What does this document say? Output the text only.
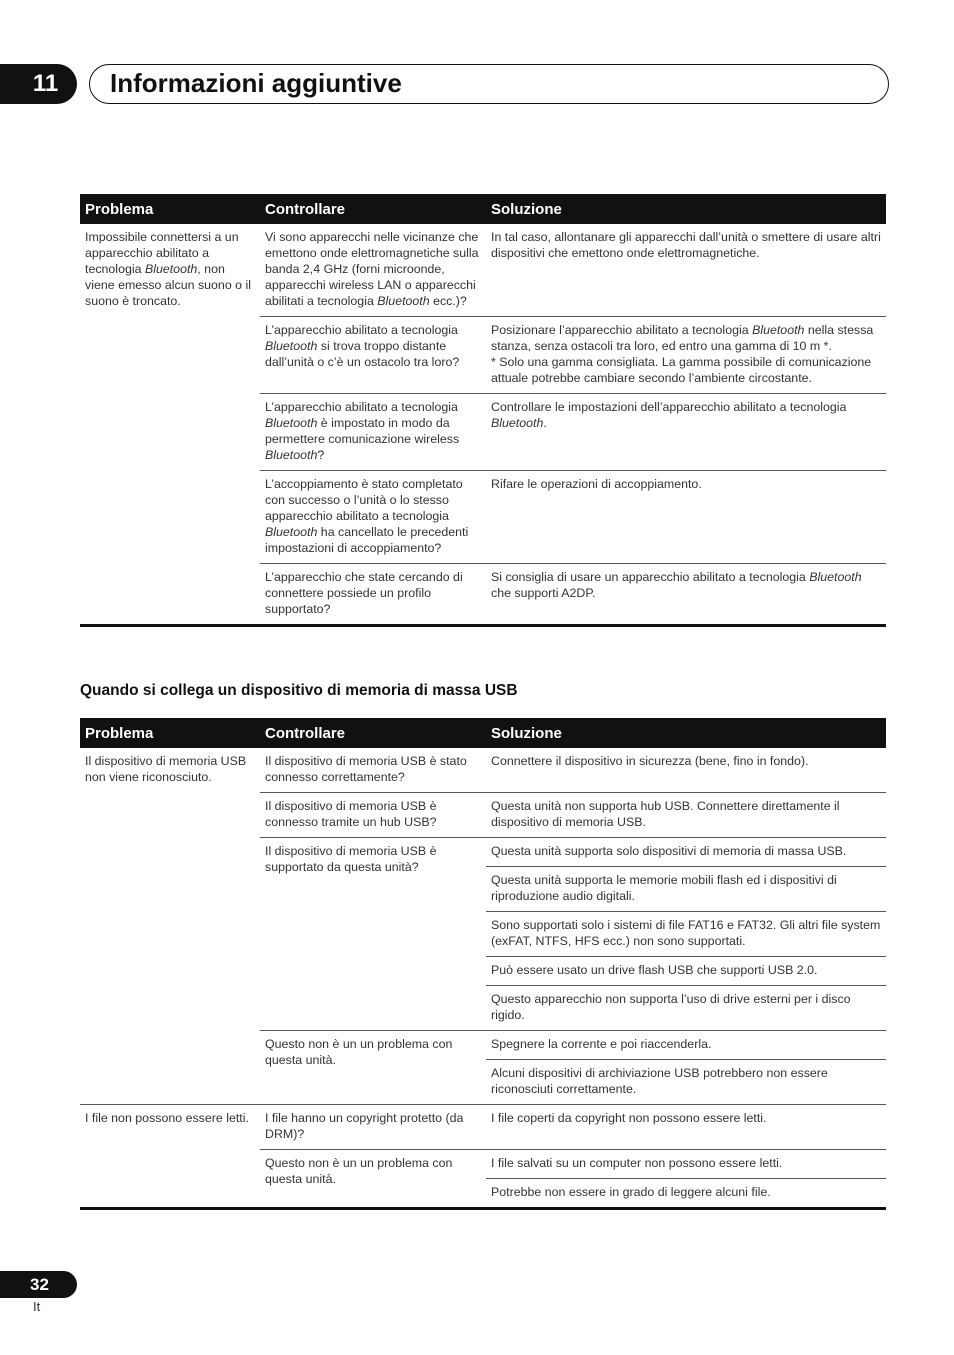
11	Informazioni aggiuntive
Problema	Controllare	Soluzione
Impossibile connettersi a un apparecchio abilitato a tecnologia Bluetooth, non viene emesso alcun suono o il suono è troncato.	Vi sono apparecchi nelle vicinanze che emettono onde elettromagnetiche sulla banda 2,4 GHz (forni microonde, apparecchi wireless LAN o apparecchi abilitati a tecnologia Bluetooth ecc.)?	In tal caso, allontanare gli apparecchi dall’unità o smettere di usare altri dispositivi che emettono onde elettromagnetiche.
	L’apparecchio abilitato a tecnologia Bluetooth si trova troppo distante dall’unità o c’è un ostacolo tra loro?	Posizionare l’apparecchio abilitato a tecnologia Bluetooth nella stessa stanza, senza ostacoli tra loro, ed entro una gamma di 10 m *.
* Solo una gamma consigliata. La gamma possibile di comunicazione attuale potrebbe cambiare secondo l’ambiente circostante.
	L’apparecchio abilitato a tecnologia Bluetooth è impostato in modo da permettere comunicazione wireless Bluetooth?	Controllare le impostazioni dell’apparecchio abilitato a tecnologia Bluetooth.
	L’accoppiamento è stato completato con successo o l’unità o lo stesso apparecchio abilitato a tecnologia Bluetooth ha cancellato le precedenti impostazioni di accoppiamento?	Rifare le operazioni di accoppiamento.
	L’apparecchio che state cercando di connettere possiede un profilo supportato?	Si consiglia di usare un apparecchio abilitato a tecnologia Bluetooth che supporti A2DP.
Quando si collega un dispositivo di memoria di massa USB
Problema	Controllare	Soluzione
Il dispositivo di memoria USB non viene riconosciuto.	Il dispositivo di memoria USB è stato connesso correttamente?	Connettere il dispositivo in sicurezza (bene, fino in fondo).
	Il dispositivo di memoria USB è connesso tramite un hub USB?	Questa unità non supporta hub USB. Connettere direttamente il dispositivo di memoria USB.
	Il dispositivo di memoria USB è supportato da questa unità?	Questa unità supporta solo dispositivi di memoria di massa USB.
		Questa unità supporta le memorie mobili flash ed i dispositivi di riproduzione audio digitali.
		Sono supportati solo i sistemi di file FAT16 e FAT32. Gli altri file system (exFAT, NTFS, HFS ecc.) non sono supportati.
		Può essere usato un drive flash USB che supporti USB 2.0.
		Questo apparecchio non supporta l’uso di drive esterni per i disco rigido.
	Questo non è un un problema con questa unità.	Spegnere la corrente e poi riaccenderla.
		Alcuni dispositivi di archiviazione USB potrebbero non essere riconosciuti correttamente.
I file non possono essere letti.	I file hanno un copyright protetto (da DRM)?	I file coperti da copyright non possono essere letti.
	Questo non è un un problema con questa unità.	I file salvati su un computer non possono essere letti.
		Potrebbe non essere in grado di leggere alcuni file.
32
It
